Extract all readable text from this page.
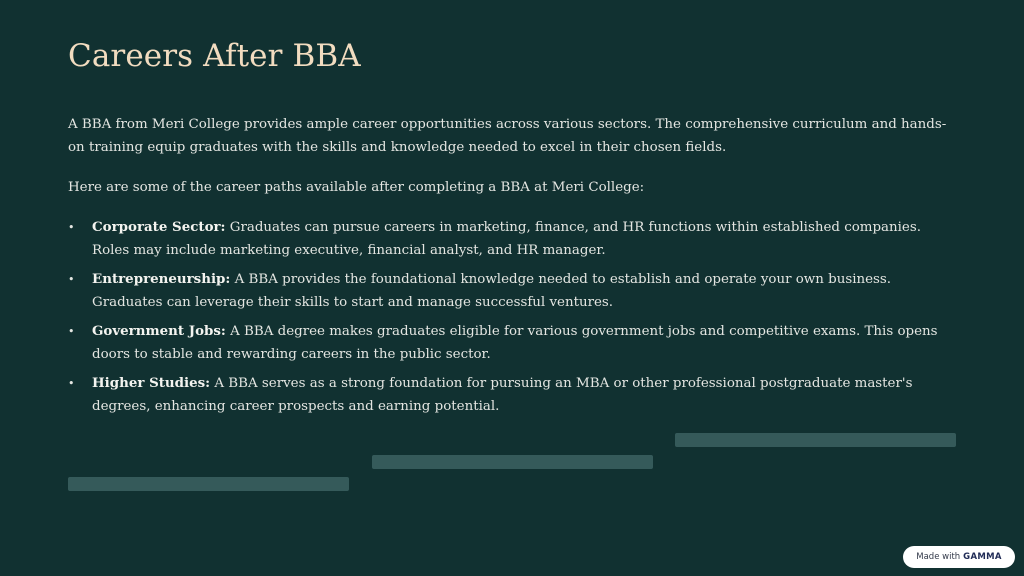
Careers After BBA

A BBA from Meri College provides ample career opportunities across various sectors. The comprehensive curriculum and hands-on training equip graduates with the skills and knowledge needed to excel in their chosen fields.

Here are some of the career paths available after completing a BBA at Meri College:

• Corporate Sector: Graduates can pursue careers in marketing, finance, and HR functions within established companies. Roles may include marketing executive, financial analyst, and HR manager.
• Entrepreneurship: A BBA provides the foundational knowledge needed to establish and operate your own business. Graduates can leverage their skills to start and manage successful ventures.
• Government Jobs: A BBA degree makes graduates eligible for various government jobs and competitive exams. This opens doors to stable and rewarding careers in the public sector.
• Higher Studies: A BBA serves as a strong foundation for pursuing an MBA or other professional postgraduate master's degrees, enhancing career prospects and earning potential.
Made with GAMMA
